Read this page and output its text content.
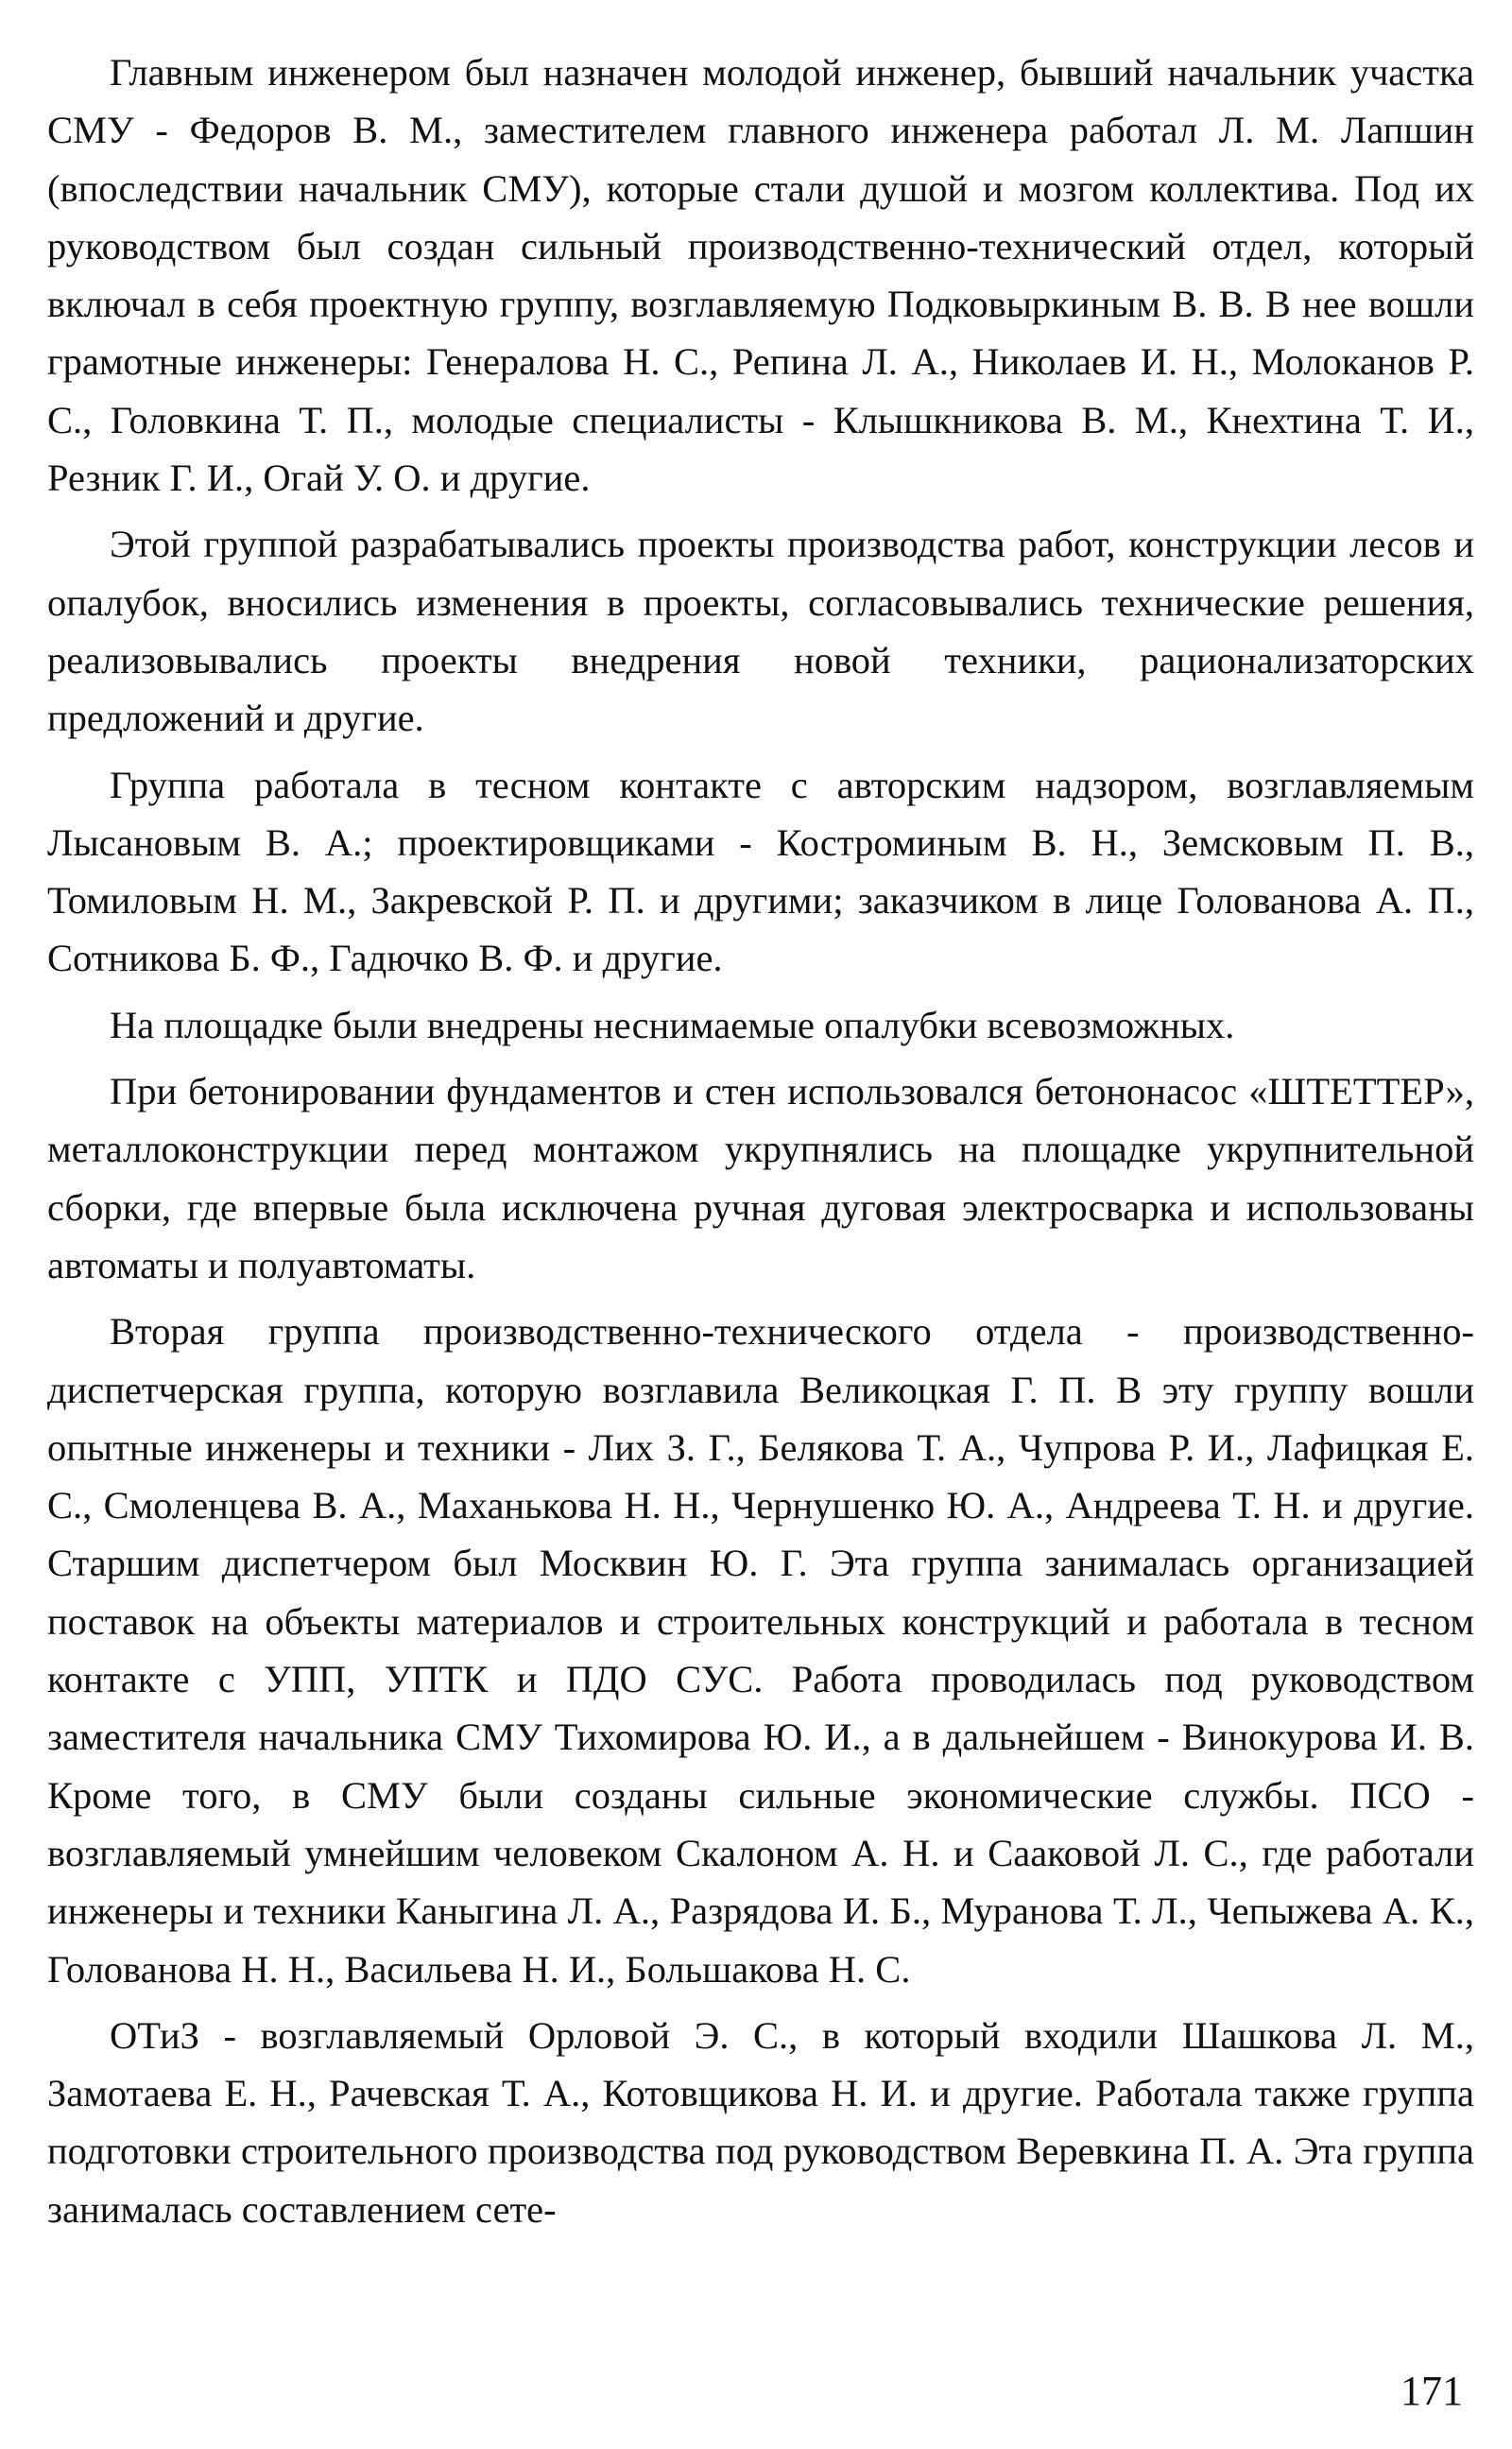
Главным инженером был назначен молодой инженер, бывший начальник участка СМУ - Федоров В. М., заместителем главного инженера работал Л. М. Лапшин (впоследствии начальник СМУ), которые стали душой и мозгом коллектива. Под их руководством был создан сильный производственно-технический отдел, который включал в себя проектную группу, возглавляемую Подковыркиным В. В. В нее вошли грамотные инженеры: Генералова Н. С., Репина Л. А., Николаев И. Н., Молоканов Р. С., Головкина Т. П., молодые специалисты - Клышкникова В. М., Кнехтина Т. И., Резник Г. И., Огай У. О. и другие.

Этой группой разрабатывались проекты производства работ, конструкции лесов и опалубок, вносились изменения в проекты, согласовывались технические решения, реализовывались проекты внедрения новой техники, рационализаторских предложений и другие.

Группа работала в тесном контакте с авторским надзором, возглавляемым Лысановым В. А.; проектировщиками - Костроминым В. Н., Земсковым П. В., Томиловым Н. М., Закревской Р. П. и другими; заказчиком в лице Голованова А. П., Сотникова Б. Ф., Гадючко В. Ф. и другие.

На площадке были внедрены неснимаемые опалубки всевозможных.

При бетонировании фундаментов и стен использовался бетононасос «ШТЕТТЕР», металлоконструкции перед монтажом укрупнялись на площадке укрупнительной сборки, где впервые была исключена ручная дуговая электросварка и использованы автоматы и полуавтоматы.

Вторая группа производственно-технического отдела - производственно-диспетчерская группа, которую возглавила Великоцкая Г. П. В эту группу вошли опытные инженеры и техники - Лих З. Г., Белякова Т. А., Чупрова Р. И., Лафицкая Е. С., Смоленцева В. А., Маханькова Н. Н., Чернушенко Ю. А., Андреева Т. Н. и другие. Старшим диспетчером был Москвин Ю. Г. Эта группа занималась организацией поставок на объекты материалов и строительных конструкций и работала в тесном контакте с УПП, УПТК и ПДО СУС. Работа проводилась под руководством заместителя начальника СМУ Тихомирова Ю. И., а в дальнейшем - Винокурова И. В. Кроме того, в СМУ были созданы сильные экономические службы. ПСО - возглавляемый умнейшим человеком Скалоном А. Н. и Сааковой Л. С., где работали инженеры и техники Каныгина Л. А., Разрядова И. Б., Муранова Т. Л., Чепыжева А. К., Голованова Н. Н., Васильева Н. И., Большакова Н. С.

ОТиЗ - возглавляемый Орловой Э. С., в который входили Шашкова Л. М., Замотаева Е. Н., Рачевская Т. А., Котовщикова Н. И. и другие. Работала также группа подготовки строительного производства под руководством Веревкина П. А. Эта группа занималась составлением сете-

171
